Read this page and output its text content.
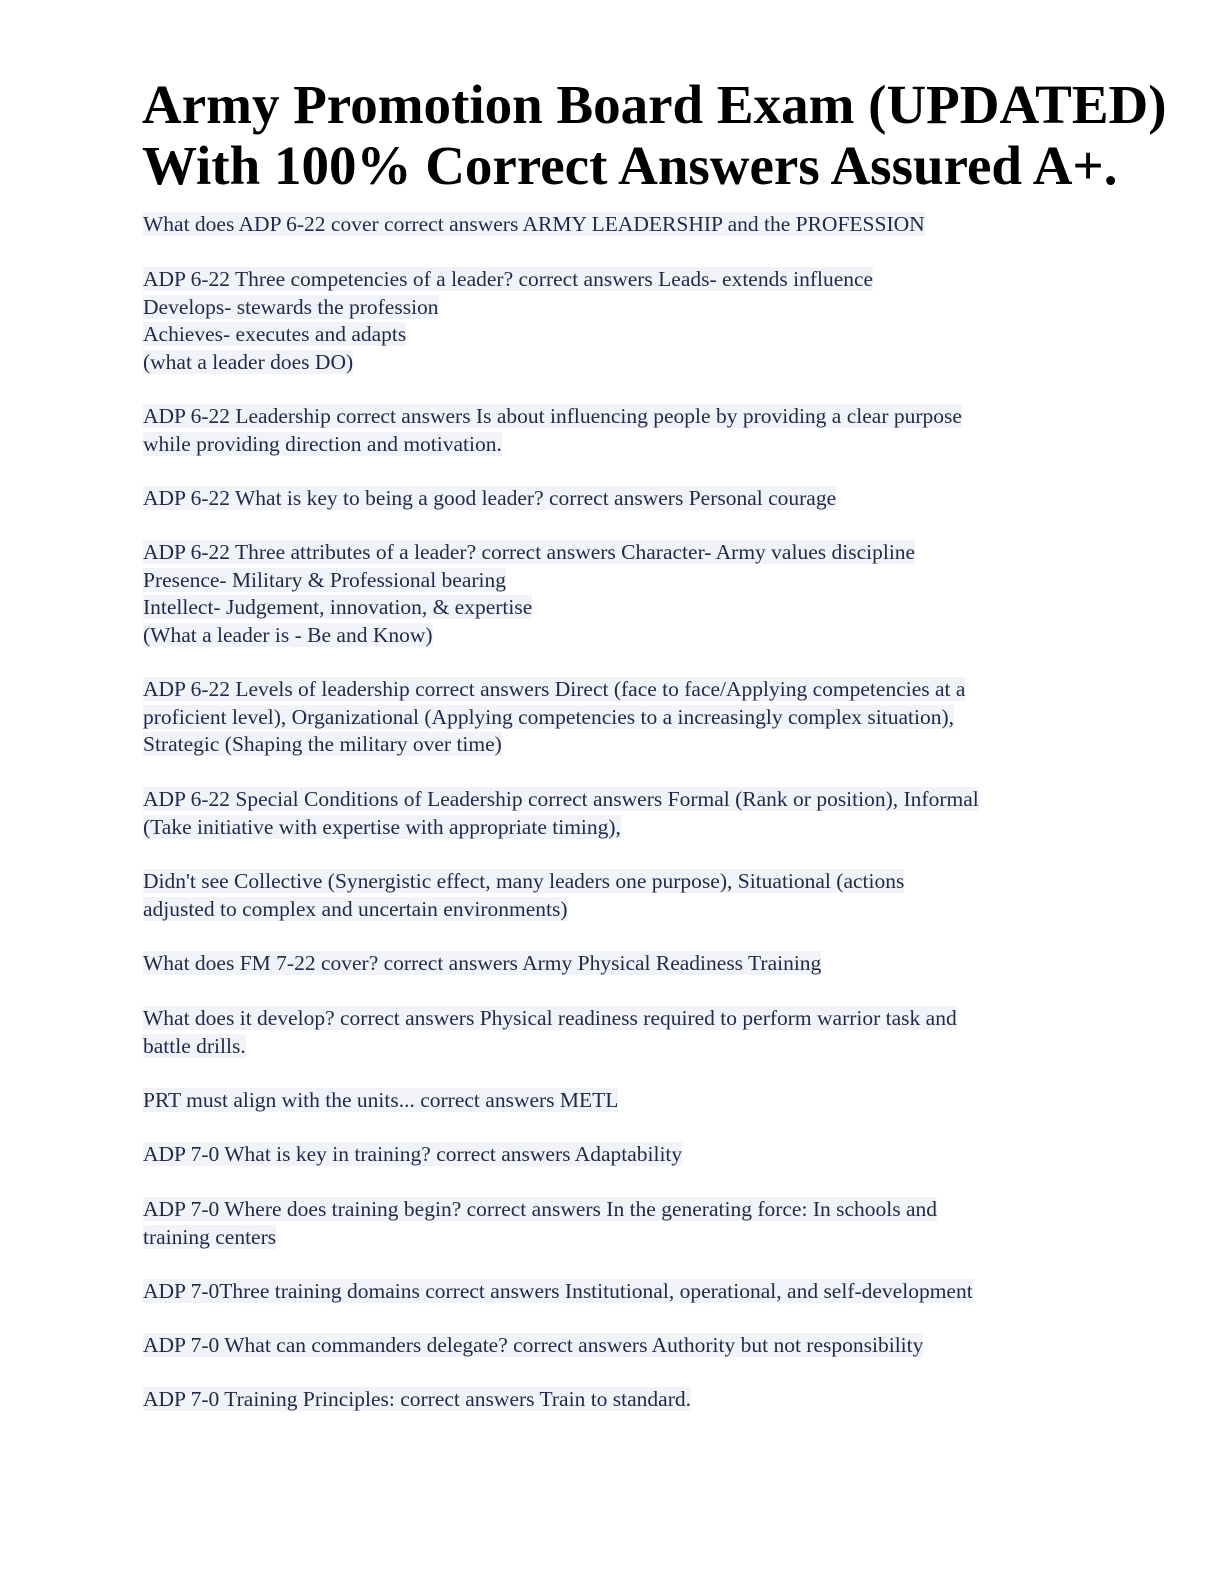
Army Promotion Board Exam (UPDATED)
With 100% Correct Answers Assured A+.
What does ADP 6-22 cover correct answers ARMY LEADERSHIP and the PROFESSION
ADP 6-22 Three competencies of a leader? correct answers Leads- extends influence
Develops- stewards the profession
Achieves- executes and adapts
(what a leader does DO)
ADP 6-22 Leadership correct answers Is about influencing people by providing a clear purpose
while providing direction and motivation.
ADP 6-22 What is key to being a good leader? correct answers Personal courage
ADP 6-22 Three attributes of a leader? correct answers Character- Army values discipline
Presence- Military & Professional bearing
Intellect- Judgement, innovation, & expertise
(What a leader is - Be and Know)
ADP 6-22 Levels of leadership correct answers Direct (face to face/Applying competencies at a
proficient level), Organizational (Applying competencies to a increasingly complex situation),
Strategic (Shaping the military over time)
ADP 6-22 Special Conditions of Leadership correct answers Formal (Rank or position), Informal
(Take initiative with expertise with appropriate timing),
Didn't see Collective (Synergistic effect, many leaders one purpose), Situational (actions
adjusted to complex and uncertain environments)
What does FM 7-22 cover? correct answers Army Physical Readiness Training
What does it develop? correct answers Physical readiness required to perform warrior task and
battle drills.
PRT must align with the units... correct answers METL
ADP 7-0 What is key in training? correct answers Adaptability
ADP 7-0 Where does training begin? correct answers In the generating force: In schools and
training centers
ADP 7-0Three training domains correct answers Institutional, operational, and self-development
ADP 7-0 What can commanders delegate? correct answers Authority but not responsibility
ADP 7-0 Training Principles: correct answers Train to standard.
